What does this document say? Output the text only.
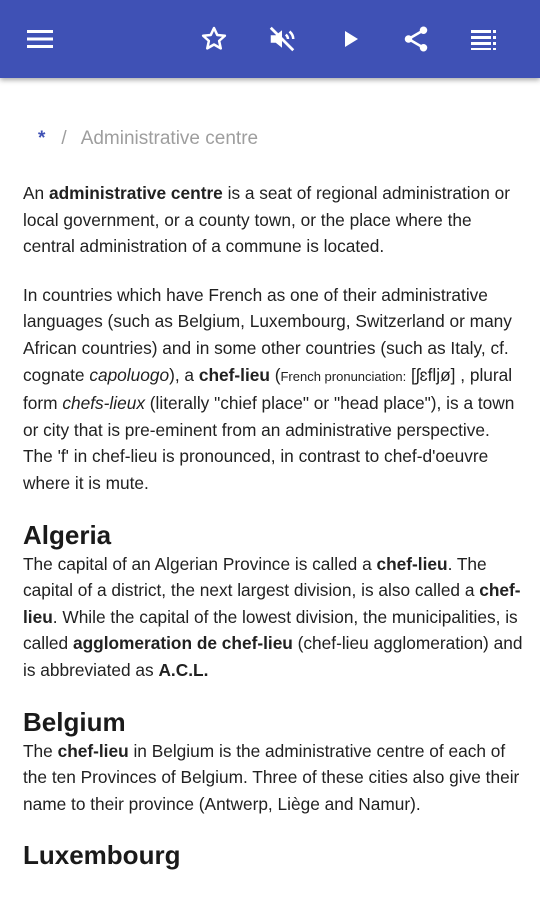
* / Administrative centre

An administrative centre is a seat of regional administration or local government, or a county town, or the place where the central administration of a commune is located.

In countries which have French as one of their administrative languages (such as Belgium, Luxembourg, Switzerland or many African countries) and in some other countries (such as Italy, cf. cognate capoluogo), a chef-lieu (French pronunciation: [ʃɛfljø] , plural form chefs-lieux (literally "chief place" or "head place"), is a town or city that is pre-eminent from an administrative perspective. The 'f' in chef-lieu is pronounced, in contrast to chef-d'oeuvre where it is mute.

Algeria

The capital of an Algerian Province is called a chef-lieu. The capital of a district, the next largest division, is also called a chef-lieu. While the capital of the lowest division, the municipalities, is called agglomeration de chef-lieu (chef-lieu agglomeration) and is abbreviated as A.C.L.

Belgium

The chef-lieu in Belgium is the administrative centre of each of the ten Provinces of Belgium. Three of these cities also give their name to their province (Antwerp, Liège and Namur).

Luxembourg
